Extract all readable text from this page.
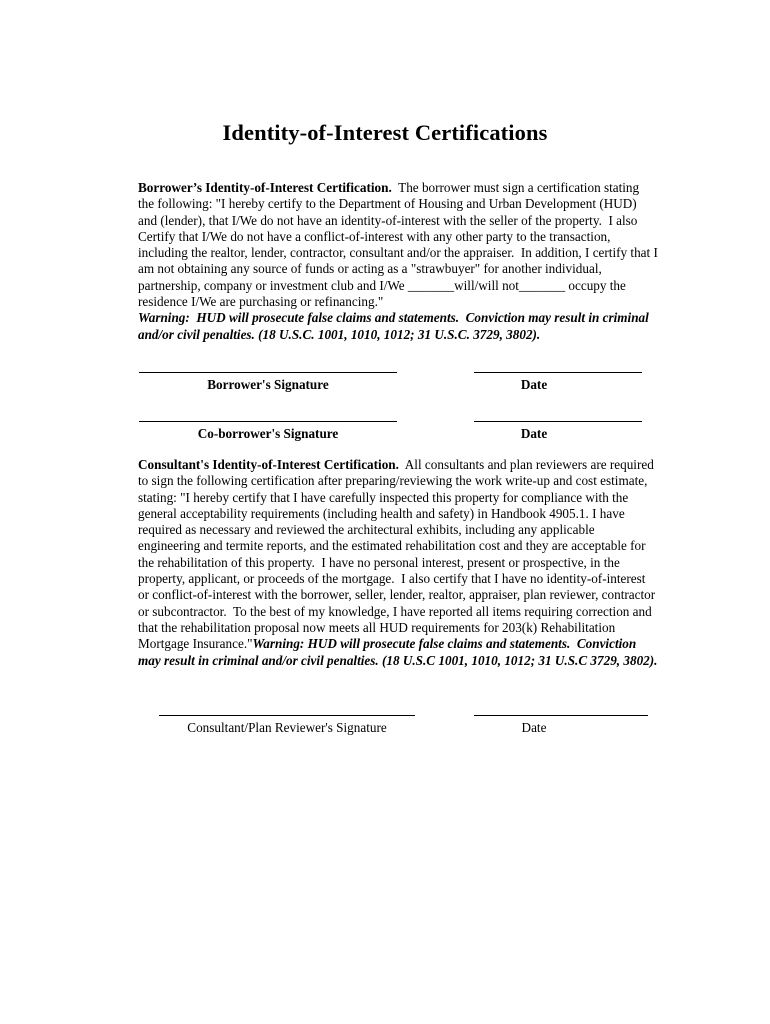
Identity-of-Interest Certifications
Borrower’s Identity-of-Interest Certification.  The borrower must sign a certification stating the following: "I hereby certify to the Department of Housing and Urban Development (HUD) and (lender), that I/We do not have an identity-of-interest with the seller of the property.  I also Certify that I/We do not have a conflict-of-interest with any other party to the transaction, including the realtor, lender, contractor, consultant and/or the appraiser.  In addition, I certify that I am not obtaining any source of funds or acting as a "strawbuyer" for another individual, partnership, company or investment club and I/We _______will/will not_______ occupy the residence I/We are purchasing or refinancing."
Warning:  HUD will prosecute false claims and statements.  Conviction may result in criminal and/or civil penalties. (18 U.S.C. 1001, 1010, 1012; 31 U.S.C. 3729, 3802).
Borrower's Signature	Date
Co-borrower's Signature	Date
Consultant's Identity-of-Interest Certification.  All consultants and plan reviewers are required to sign the following certification after preparing/reviewing the work write-up and cost estimate, stating: "I hereby certify that I have carefully inspected this property for compliance with the general acceptability requirements (including health and safety) in Handbook 4905.1. I have required as necessary and reviewed the architectural exhibits, including any applicable engineering and termite reports, and the estimated rehabilitation cost and they are acceptable for the rehabilitation of this property.  I have no personal interest, present or prospective, in the property, applicant, or proceeds of the mortgage.  I also certify that I have no identity-of-interest or conflict-of-interest with the borrower, seller, lender, realtor, appraiser, plan reviewer, contractor or subcontractor.  To the best of my knowledge, I have reported all items requiring correction and that the rehabilitation proposal now meets all HUD requirements for 203(k) Rehabilitation Mortgage Insurance."Warning: HUD will prosecute false claims and statements.  Conviction may result in criminal and/or civil penalties. (18 U.S.C 1001, 1010, 1012; 31 U.S.C 3729, 3802).
Consultant/Plan Reviewer's Signature	Date
